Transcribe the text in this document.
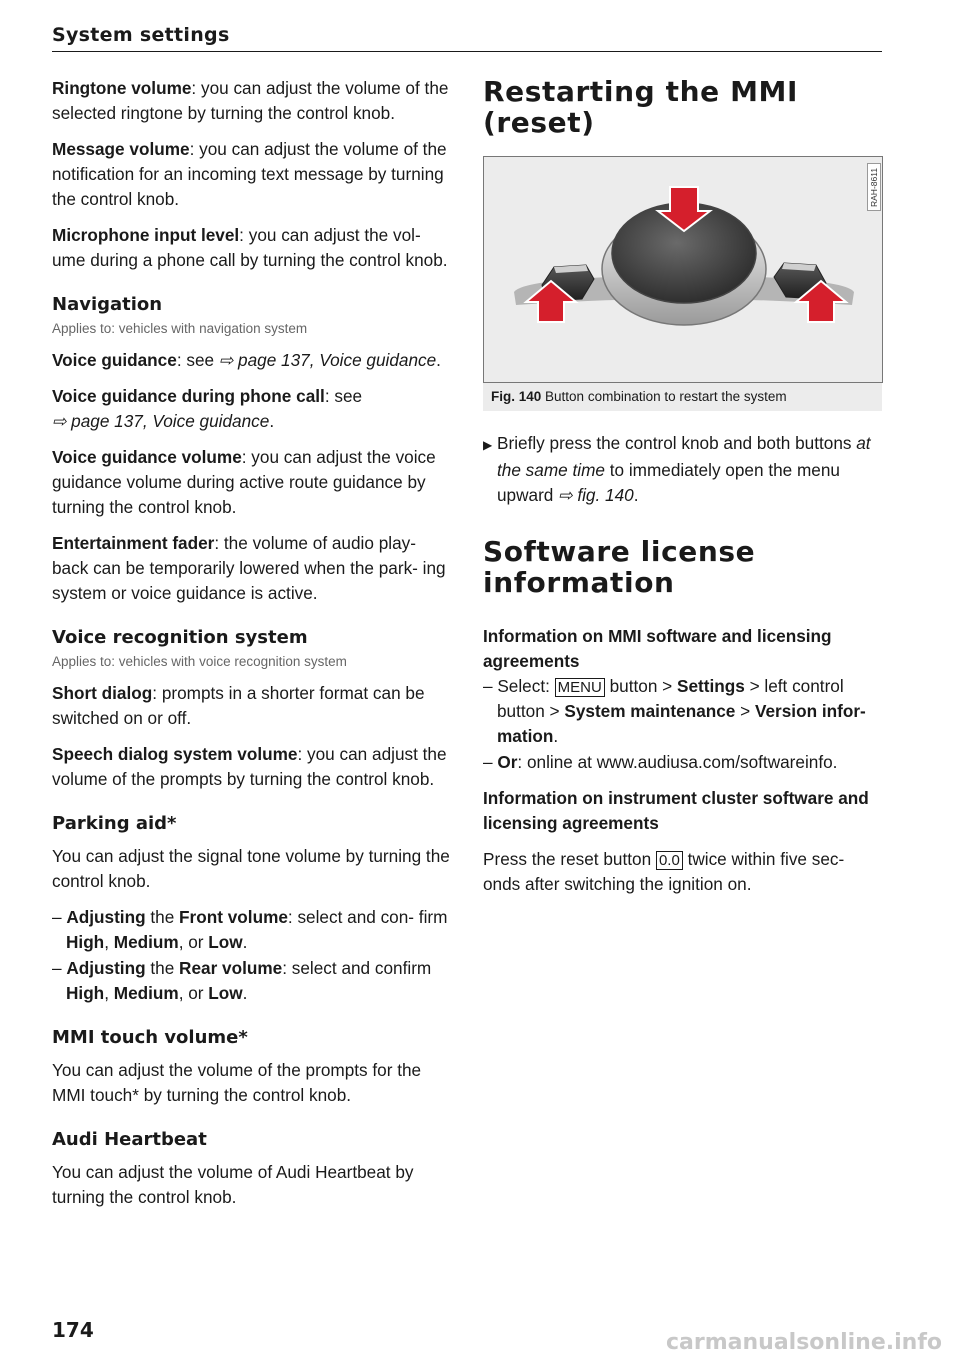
System settings

Ringtone volume: you can adjust the volume of the selected ringtone by turning the control knob.

Message volume: you can adjust the volume of the notification for an incoming text message by turning the control knob.

Microphone input level: you can adjust the vol- ume during a phone call by turning the control knob.

Navigation
Applies to: vehicles with navigation system

Voice guidance: see ⇨ page 137, Voice guidance.

Voice guidance during phone call: see
⇨ page 137, Voice guidance.

Voice guidance volume: you can adjust the voice guidance volume during active route guidance by turning the control knob.

Entertainment fader: the volume of audio play- back can be temporarily lowered when the park- ing system or voice guidance is active.

Voice recognition system
Applies to: vehicles with voice recognition system

Short dialog: prompts in a shorter format can be switched on or off.

Speech dialog system volume: you can adjust the volume of the prompts by turning the control knob.

Parking aid*

You can adjust the signal tone volume by turning the control knob.

– Adjusting the Front volume: select and con- firm High, Medium, or Low.
– Adjusting the Rear volume: select and confirm High, Medium, or Low.
MMI touch volume*

You can adjust the volume of the prompts for the MMI touch* by turning the control knob.

Audi Heartbeat

You can adjust the volume of Audi Heartbeat by turning the control knob.

Restarting the MMI (reset)
RAH-8611
Fig. 140 Button combination to restart the system

▶ Briefly press the control knob and both buttons at the same time to immediately open the menu upward ⇨ fig. 140.

Software license information
Information on MMI software and licensing agreements
– Select: MENU button > Settings > left control button > System maintenance > Version infor- mation.
– Or: online at www.audiusa.com/softwareinfo.
Information on instrument cluster software and licensing agreements

Press the reset button 0.0 twice within five sec- onds after switching the ignition on.

174	carmanualsonline.info
